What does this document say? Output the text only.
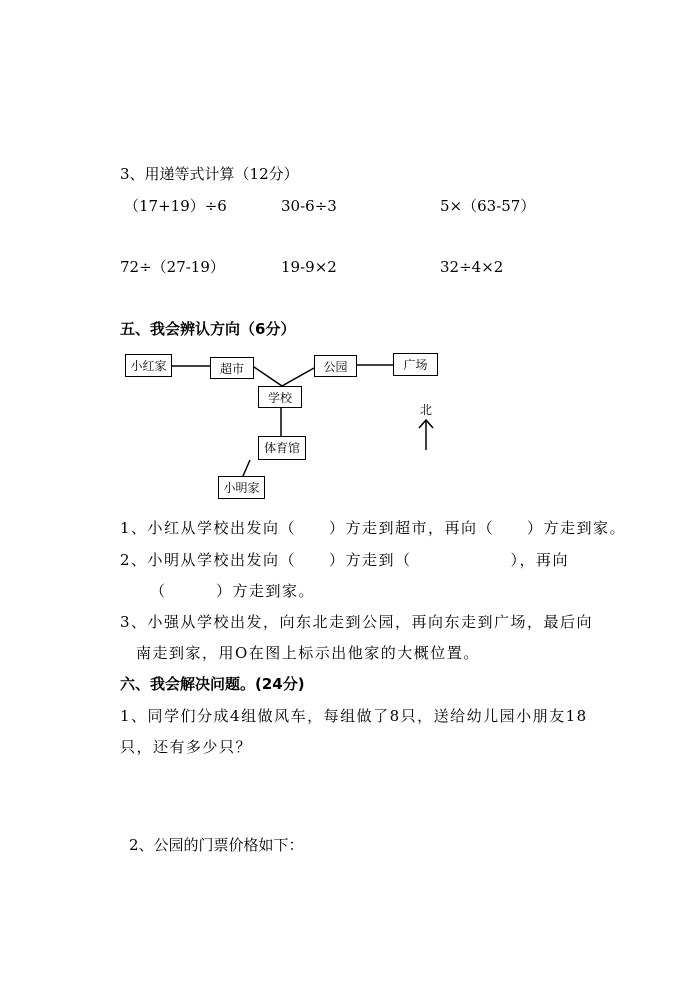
3、用递等式计算（12分）
（17+19）÷6	30-6÷3	5×（63-57）
72÷（27-19）	19-9×2	32÷4×2
五、我会辨认方向（6分）
小红家	超市	公园	广场
学校
体育馆
小明家
北
1、小红从学校出发向（　　）方走到超市，再向（　　）方走到家。
2、小明从学校出发向（　　）方走到（　　　　　　），再向
（　　　）方走到家。
3、小强从学校出发，向东北走到公园，再向东走到广场，最后向
南走到家，用O在图上标示出他家的大概位置。
六、我会解决问题。(24分)
1、同学们分成4组做风车，每组做了8只，送给幼儿园小朋友18
只，还有多少只？
2、公园的门票价格如下：
